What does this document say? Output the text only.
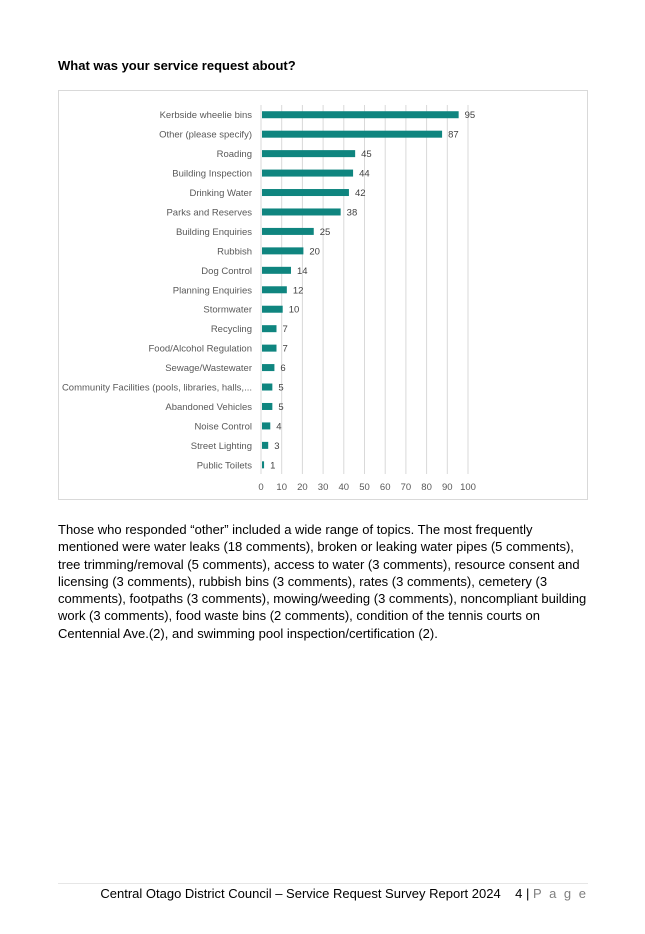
What was your service request about?
Kerbside wheelie bins
Other (please specify)
Roading
Building Inspection
Drinking Water
Parks and Reserves
Building Enquiries
Rubbish
Dog Control
Planning Enquiries
Stormwater
Recycling
Food/Alcohol Regulation
Sewage/Wastewater
Community Facilities (pools, libraries, halls,...
Abandoned Vehicles
Noise Control
Street Lighting
Public Toilets
95
87
45
44
42
38
25
20
14
12
10
7
7
6
5
5
4
3
1
0 10 20 30 40 50 60 70 80 90 100

Those who responded “other” included a wide range of topics. The most frequently mentioned were water leaks (18 comments), broken or leaking water pipes (5 comments), tree trimming/removal (5 comments), access to water (3 comments), resource consent and licensing (3 comments), rubbish bins (3 comments), rates (3 comments), cemetery (3 comments), footpaths (3 comments), mowing/weeding (3 comments), noncompliant building work (3 comments), food waste bins (2 comments), condition of the tennis courts on Centennial Ave.(2), and swimming pool inspection/certification (2).

Central Otago District Council – Service Request Survey Report 2024 4 | P a g e
